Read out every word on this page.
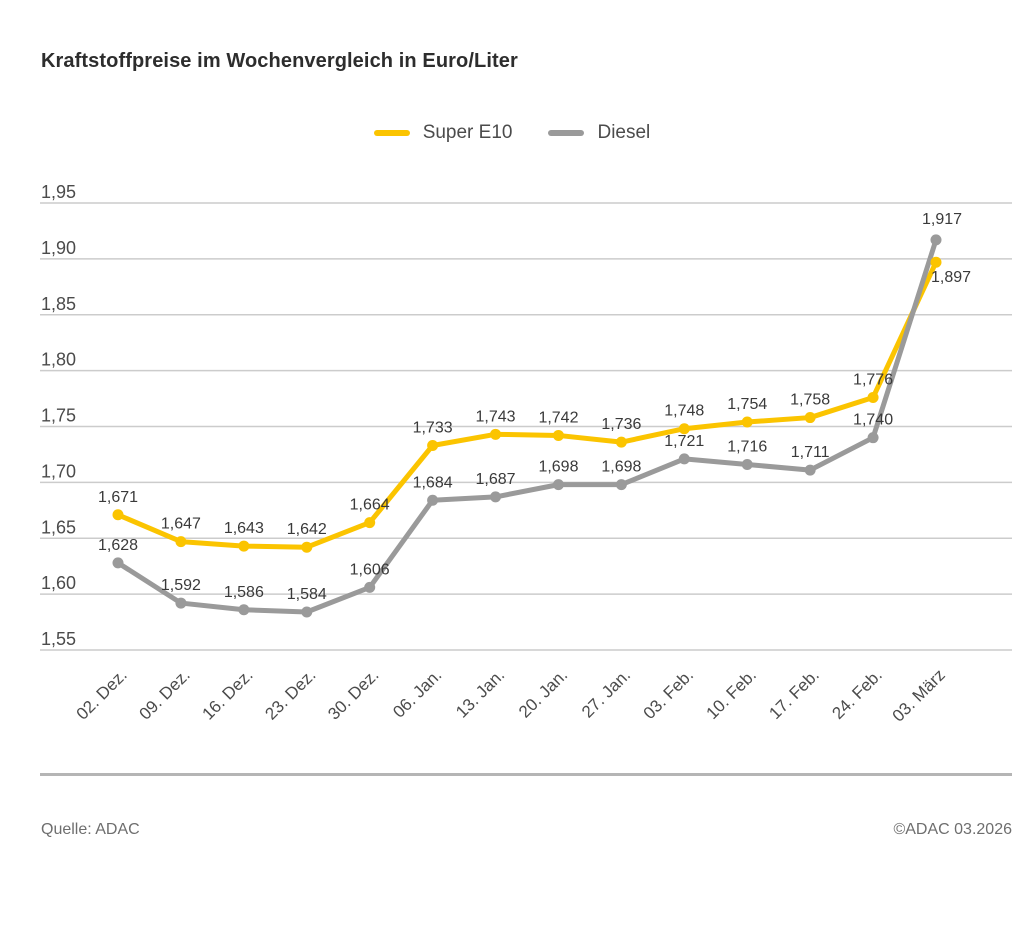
Kraftstoffpreise im Wochenvergleich in Euro/Liter
Super E10	Diesel
1,55
1,60
1,65
1,70
1,75
1,80
1,85
1,90
1,95
02. Dez. 09. Dez. 16. Dez. 23. Dez. 30. Dez. 06. Jan. 13. Jan. 20. Jan. 27. Jan. 03. Feb. 10. Feb. 17. Feb. 24. Feb. 03. März
1,671
1,647 1,643 1,642
1,664
1,733
1,743 1,742 1,736
1,748 1,754 1,758
1,776
1,897
1,628
1,592 1,586 1,584
1,606
1,684 1,687
1,698 1,698
1,721 1,716 1,711
1,740
1,917
Quelle: ADAC	©ADAC 03.2026
